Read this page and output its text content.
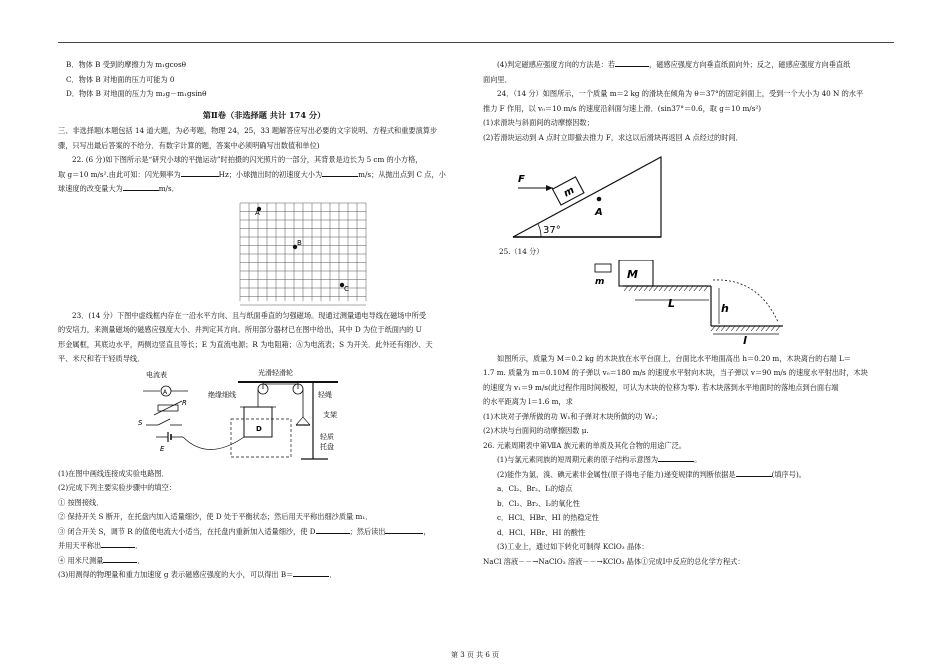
B．物体 B 受到的摩擦力为 m₁gcosθ

C．物体 B 对地面的压力可能为 0

D．物体 B 对地面的压力为 m₂g－m₁gsinθ

第Ⅱ卷（非选择题 共计 174 分）

三、非选择题(本题包括 14 道大题，为必考题，物理 24，25，33 题解答应写出必要的文字说明、方程式和重要演算步

骤，只写出最后答案的不给分．有数字计算的题，答案中必须明确写出数值和单位)

22. (6 分)如下图所示是“研究小球的平抛运动”时拍摄的闪光照片的一部分，其背景是边长为 5 cm 的小方格，

取 g＝10 m/s².由此可知：闪光频率为	Hz；小球抛出时的初速度大小为	m/s；从抛出点到 C 点，小

球速度的改变量大为	m/s．

A
B
C

23．(14 分）下图中虚线框内存在一沿水平方向、且与纸面垂直的匀强磁场。现通过测量通电导线在磁场中所受

的安培力，来测量磁场的磁感应强度大小、并判定其方向。所用部分器材已在图中给出，其中 D 为位于纸面内的 U

形金属框，其底边水平，两侧边竖直且等长；E 为直流电源；R 为电阻箱；Ⓐ为电流表；S 为开关．此外还有细沙、天

平、米尺和若干轻质导线．

电流表
A
R
S
E
光滑轻滑轮
绝缘细线	轻绳
支架
轻质
托盘
D

(1)在图中画线连接成实验电路图．

(2)完成下列主要实验步骤中的填空：

① 按图接线．

② 保持开关 S 断开，在托盘内加入适量细沙，使 D 处于平衡状态；然后用天平称出细沙质量 m₁．

③ 闭合开关 S，调节 R 的值使电流大小适当，在托盘内重新加入适量细沙，使 D	；然后读出	，

并用天平称出	．

④ 用米尺测量	．

(3)用测得的物理量和重力加速度 g 表示磁感应强度的大小，可以得出 B＝	．

(4)判定磁感应强度方向的方法是：若	，磁感应强度方向垂直纸面向外；反之，磁感应强度方向垂直纸

面向里．

24．（14 分）如图所示，一个质量 m＝2 kg 的滑块在倾角为 θ＝37°的固定斜面上，受到一个大小为 40 N 的水平

推力 F 作用，以 v₀＝10 m/s 的速度沿斜面匀速上滑．(sin37°＝0.6，取 g＝10 m/s²)

(1)求滑块与斜面间的动摩擦因数；

(2)若滑块运动到 A 点时立即撤去推力 F，求这以后滑块再返回 A 点经过的时间．

37°
m
F
A

25.（14 分）

m
M
L	h
l

如图所示，质量为 M＝0.2 kg 的木块放在水平台面上，台面比水平地面高出 h＝0.20 m，木块离台的右端 L＝

1.7 m. 质量为 m＝0.10M 的子弹以 v₀＝180 m/s 的速度水平射向木块，当子弹以 v＝90 m/s 的速度水平射出时，木块

的速度为 v₁＝9 m/s(此过程作用时间极短，可认为木块的位移为零). 若木块落到水平地面时的落地点到台面右端

的水平距离为 l＝1.6 m，求

(1)木块对子弹所做的功 W₁和子弹对木块所做的功 W₂；

(2)木块与台面间的动摩擦因数 μ.

26. 元素周期表中第ⅦA 族元素的单质及其化合物的用途广泛。

(1)与氯元素同族的短周期元素的原子结构示意图为	。

(2)能作为氯、溴、碘元素非金属性(原子得电子能力)递变规律的判断依据是	(填序号)。

a．Cl₂、Br₂、I₂的熔点

b．Cl₂、Br₂、I₂的氧化性

c．HCl、HBr、HI 的热稳定性

d．HCl、HBr、HI 的酸性

(3)工业上，通过如下转化可制得 KClO₃ 晶体：

NaCl 溶液－－→NaClO₃ 溶液－－→KClO₃ 晶体①完成Ⅰ中反应的总化学方程式：

第 3 页 共 6 页
